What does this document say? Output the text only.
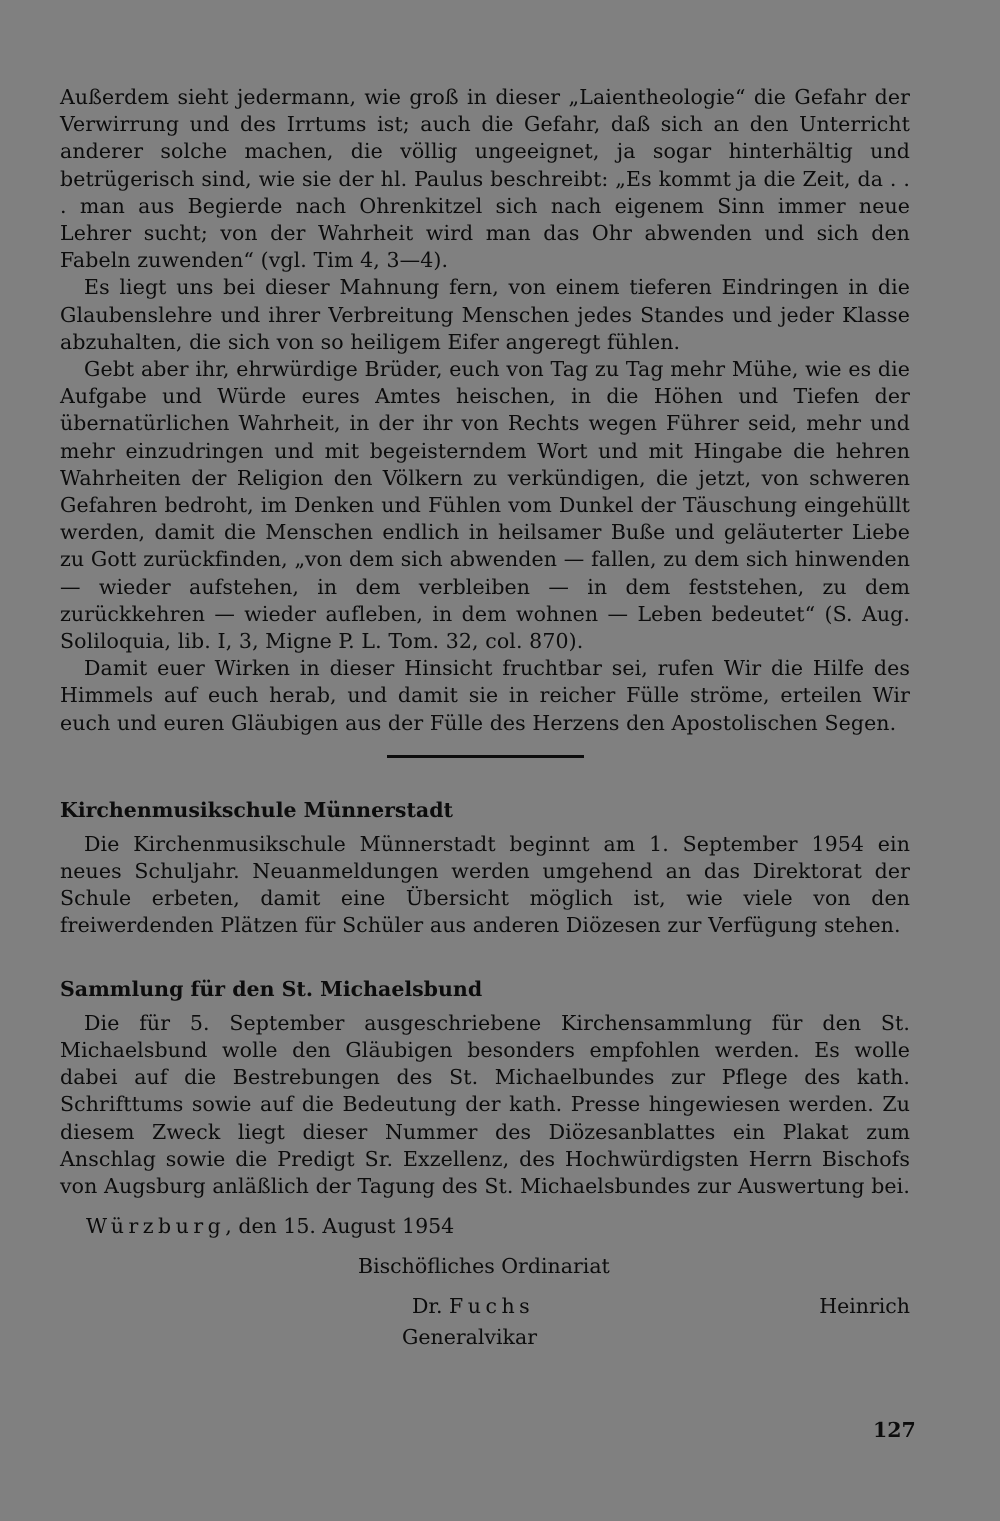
Außerdem sieht jedermann, wie groß in dieser „Laientheologie“ die Gefahr der Verwirrung und des Irrtums ist; auch die Gefahr, daß sich an den Unterricht anderer solche machen, die völlig ungeeignet, ja sogar hinterhältig und betrügerisch sind, wie sie der hl. Paulus beschreibt: „Es kommt ja die Zeit, da . . . man aus Begierde nach Ohrenkitzel sich nach eigenem Sinn immer neue Lehrer sucht; von der Wahrheit wird man das Ohr abwenden und sich den Fabeln zuwenden“ (vgl. Tim 4, 3—4).

Es liegt uns bei dieser Mahnung fern, von einem tieferen Eindringen in die Glaubenslehre und ihrer Verbreitung Menschen jedes Standes und jeder Klasse abzuhalten, die sich von so heiligem Eifer angeregt fühlen.

Gebt aber ihr, ehrwürdige Brüder, euch von Tag zu Tag mehr Mühe, wie es die Aufgabe und Würde eures Amtes heischen, in die Höhen und Tiefen der übernatürlichen Wahrheit, in der ihr von Rechts wegen Führer seid, mehr und mehr einzudringen und mit begeisterndem Wort und mit Hingabe die hehren Wahrheiten der Religion den Völkern zu verkündigen, die jetzt, von schweren Gefahren bedroht, im Denken und Fühlen vom Dunkel der Täuschung eingehüllt werden, damit die Menschen endlich in heilsamer Buße und geläuterter Liebe zu Gott zurückfinden, „von dem sich abwenden — fallen, zu dem sich hinwenden — wieder aufstehen, in dem verbleiben — in dem feststehen, zu dem zurückkehren — wieder aufleben, in dem wohnen — Leben bedeutet“ (S. Aug. Soliloquia, lib. I, 3, Migne P. L. Tom. 32, col. 870).

Damit euer Wirken in dieser Hinsicht fruchtbar sei, rufen Wir die Hilfe des Himmels auf euch herab, und damit sie in reicher Fülle ströme, erteilen Wir euch und euren Gläubigen aus der Fülle des Herzens den Apostolischen Segen.

Kirchenmusikschule Münnerstadt

Die Kirchenmusikschule Münnerstadt beginnt am 1. September 1954 ein neues Schuljahr. Neuanmeldungen werden umgehend an das Direktorat der Schule erbeten, damit eine Übersicht möglich ist, wie viele von den freiwerdenden Plätzen für Schüler aus anderen Diözesen zur Verfügung stehen.

Sammlung für den St. Michaelsbund

Die für 5. September ausgeschriebene Kirchensammlung für den St. Michaelsbund wolle den Gläubigen besonders empfohlen werden. Es wolle dabei auf die Bestrebungen des St. Michaelbundes zur Pflege des kath. Schrifttums sowie auf die Bedeutung der kath. Presse hingewiesen werden. Zu diesem Zweck liegt dieser Nummer des Diözesanblattes ein Plakat zum Anschlag sowie die Predigt Sr. Exzellenz, des Hochwürdigsten Herrn Bischofs von Augsburg anläßlich der Tagung des St. Michaelsbundes zur Auswertung bei.

Würzburg, den 15. August 1954
Bischöfliches Ordinariat
Dr. Fuchs
Generalvikar
Heinrich
127
